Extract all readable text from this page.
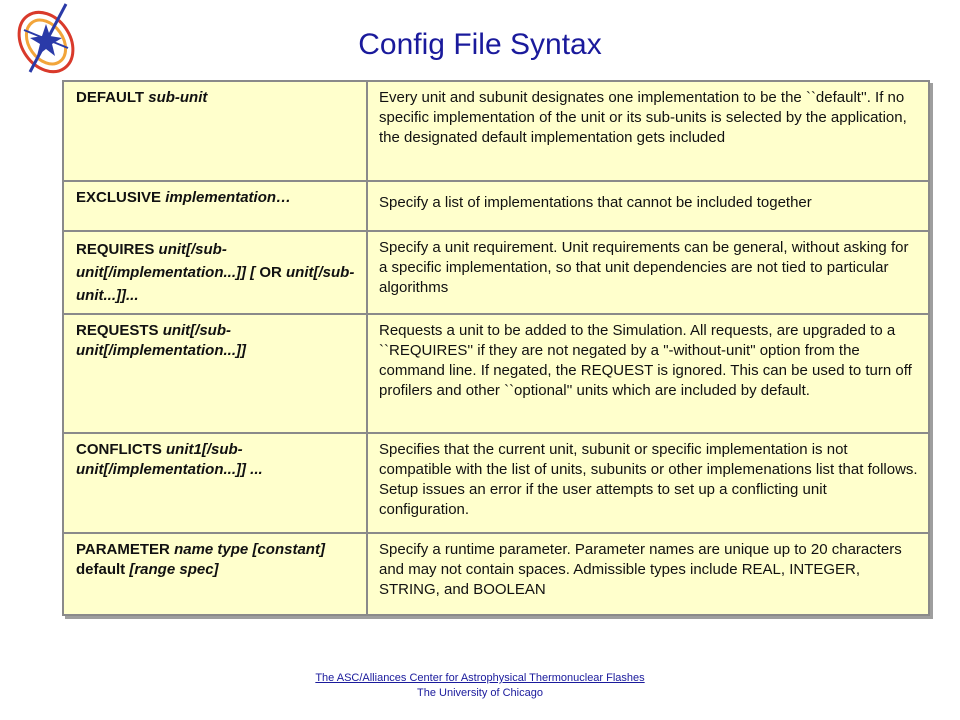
Config File Syntax
DEFAULT sub-unit	Every unit and subunit designates one implementation to be the ``default''. If no specific implementation of the unit or its sub-units is selected by the application, the designated default implementation gets included
EXCLUSIVE implementation…	Specify a list of implementations that cannot be included together
REQUIRES unit[/sub-unit[/implementation...]] [ OR unit[/sub-unit...]]...	Specify a unit requirement. Unit requirements can be general, without asking for a specific implementation, so that unit dependencies are not tied to particular algorithms
REQUESTS unit[/sub-unit[/implementation...]]	Requests a unit to be added to the Simulation. All requests, are upgraded to a ``REQUIRES'' if they are not negated by a "-without-unit" option from the command line. If negated, the REQUEST is ignored. This can be used to turn off profilers and other ``optional'' units which are included by default.
CONFLICTS unit1[/sub-unit[/implementation...]] ...	Specifies that the current unit, subunit or specific implementation is not compatible with the list of units, subunits or other implemenations list that follows. Setup issues an error if the user attempts to set up a conflicting unit configuration.
PARAMETER name type [constant] default [range spec]	Specify a runtime parameter. Parameter names are unique up to 20 characters and may not contain spaces. Admissible types include REAL, INTEGER, STRING, and BOOLEAN
The ASC/Alliances Center for Astrophysical Thermonuclear Flashes
The University of Chicago
